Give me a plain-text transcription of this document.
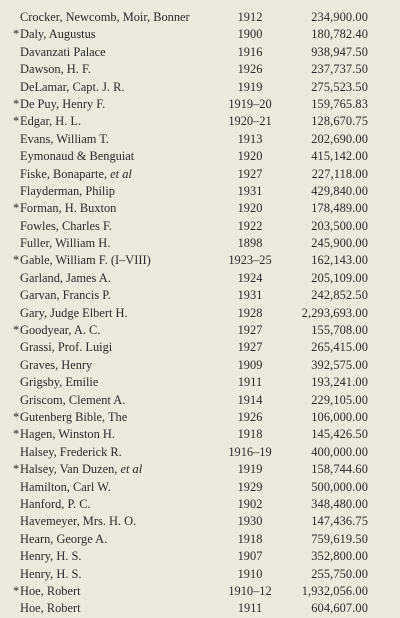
Crocker, Newcomb, Moir, Bonner	1912	234,900.00
* Daly, Augustus	1900	180,782.40
Davanzati Palace	1916	938,947.50
Dawson, H. F.	1926	237,737.50
DeLamar, Capt. J. R.	1919	275,523.50
* De Puy, Henry F.	1919–20	159,765.83
* Edgar, H. L.	1920–21	128,670.75
Evans, William T.	1913	202,690.00
Eymonaud & Benguiat	1920	415,142.00
Fiske, Bonaparte, et al	1927	227,118.00
Flayderman, Philip	1931	429,840.00
* Forman, H. Buxton	1920	178,489.00
Fowles, Charles F.	1922	203,500.00
Fuller, William H.	1898	245,900.00
* Gable, William F. (I–VIII)	1923–25	162,143.00
Garland, James A.	1924	205,109.00
Garvan, Francis P.	1931	242,852.50
Gary, Judge Elbert H.	1928	2,293,693.00
* Goodyear, A. C.	1927	155,708.00
Grassi, Prof. Luigi	1927	265,415.00
Graves, Henry	1909	392,575.00
Grigsby, Emilie	1911	193,241.00
Griscom, Clement A.	1914	229,105.00
* Gutenberg Bible, The	1926	106,000.00
* Hagen, Winston H.	1918	145,426.50
Halsey, Frederick R.	1916–19	400,000.00
* Halsey, Van Duzen, et al	1919	158,744.60
Hamilton, Carl W.	1929	500,000.00
Hanford, P. C.	1902	348,480.00
Havemeyer, Mrs. H. O.	1930	147,436.75
Hearn, George A.	1918	759,619.50
Henry, H. S.	1907	352,800.00
Henry, H. S.	1910	255,750.00
* Hoe, Robert	1910–12	1,932,056.00
Hoe, Robert	1911	604,607.00
